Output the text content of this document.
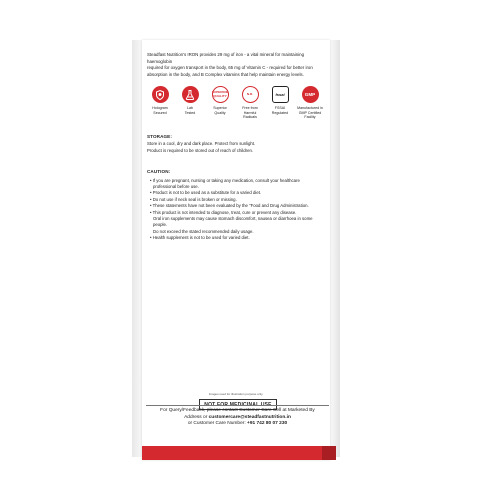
Steadfast Nutrition's IRON provides 29 mg of iron - a vital mineral for maintaining haemoglobin
required for oxygen transport in the body, 65 mg of Vitamin C - required for better iron
absorption in the body, and B Complex vitamins that help maintain energy levels.
Hologram
Secured
Lab
Tested
SUPERIOR QUALITY
Superior
Quality
N.R.
Free from
Harmful Radicals
fssai
FSSAI
Regulated
GMP
Manufactured in
GMP Certified Facility
STORAGE:
Store in a cool, dry and dark place. Protect from sunlight.
Product is required to be stored out of reach of children.
CAUTION:
• If you are pregnant, nursing or taking any medication, consult your healthcare
professional before use.
• Product is not to be used as a substitute for a varied diet.
• Do not use if neck seal is broken or missing.
• These statements have not been evaluated by the "Food and Drug Administration.
• This product is not intended to diagnose, treat, cure or prevent any disease.
Oral iron supplements may cause stomach discomfort, nausea or diarrhoea in some people.
Do not exceed the stated recommended daily usage.
• Health supplement is not to be used for varied diet.
Images used for illustration purpose only.
NOT FOR MEDICINAL USE
For Query/Feedback, please contact Customer Care Cell at Marketed By
Address or customercare@steadfastnutrition.in
or Customer Care Number: +91 742 80 07 230
